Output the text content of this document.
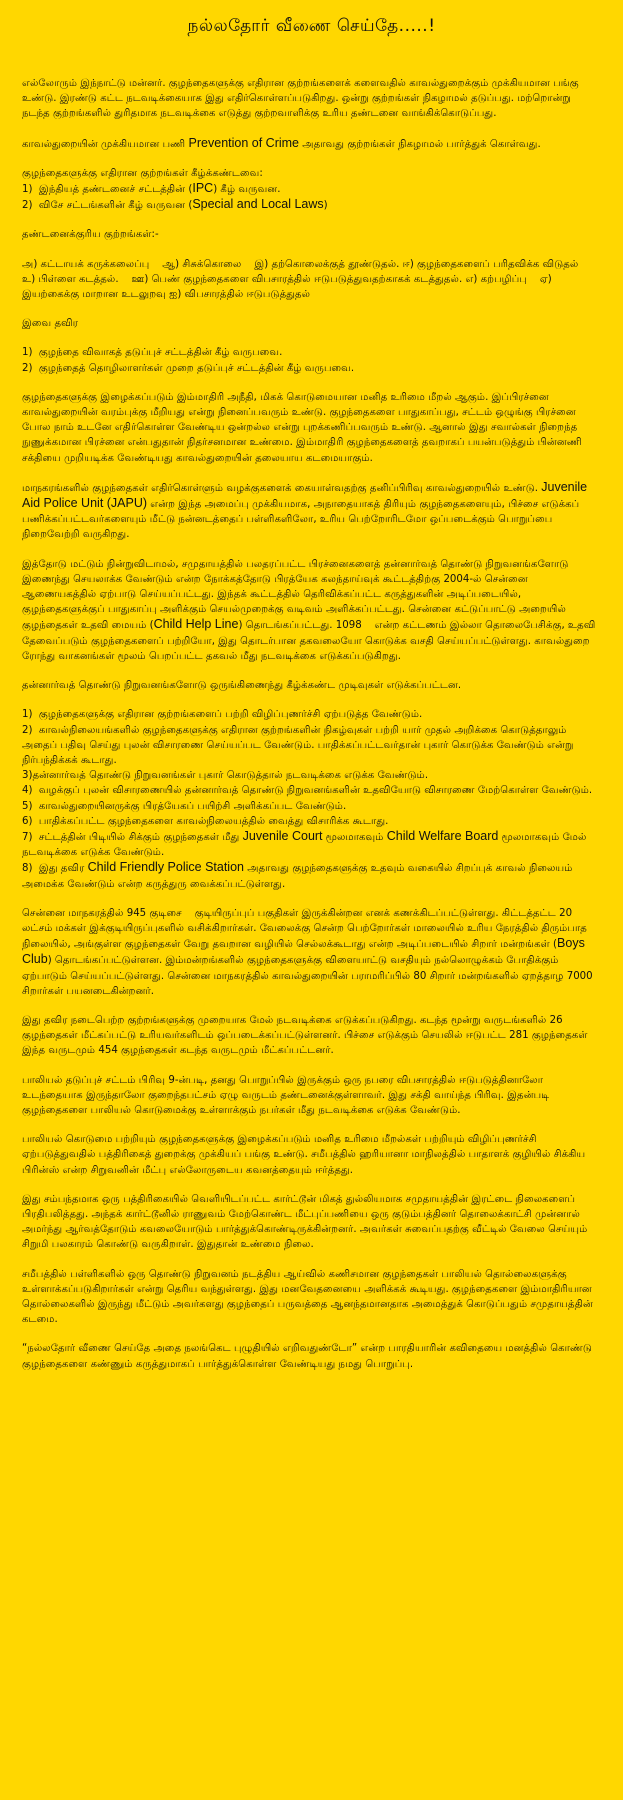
நல்லதோர் வீணை செய்தே.....!

எல்லோரும் இந்நாட்டு மன்னர். குழந்தைகளுக்கு எதிரான குற்றங்களைக் களைவதில் காவல்துறைக்கும் முக்கியமான பங்கு உண்டு. இரண்டு கட்ட நடவடிக்கையாக இது எதிர்கொள்ளப்படுகிறது. ஒன்று குற்றங்கள் நிகழாமல் தடுப்பது. மற்றொன்று நடந்த குற்றங்களில் துரிதமாக நடவடிக்கை எடுத்து குற்றவாளிக்கு உரிய தண்டனை வாங்கிக்கொடுப்பது.

காவல்துறையின் முக்கியமான பணி Prevention of Crime அதாவது குற்றங்கள் நிகழாமல் பார்த்துக் கொள்வது.

குழந்தைகளுக்கு எதிரான குற்றங்கள் கீழ்க்கண்டவை:
1)  இந்தியத் தண்டனைச் சட்டத்தின் (IPC) கீழ் வருவன.
2)  விசே சட்டங்களின் கீழ் வருவன (Special and Local Laws)

தண்டனைக்குரிய குற்றங்கள்:-

அ) கட்டாயக் கருக்கலைப்பு    ஆ) சிசுக்கொலை    இ) தற்கொலைக்குத் தூண்டுதல். ஈ) குழந்தைகளைப் பரிதவிக்க விடுதல்    உ) பிள்ளை கடத்தல்.    ஊ) பெண் குழந்தைகளை விபசாரத்தில் ஈடுபடுத்துவதற்காகக் கடத்துதல். எ) கற்பழிப்பு    ஏ) இயற்கைக்கு மாறான உடலுறவு ஐ) விபசாரத்தில் ஈடுபடுத்துதல்

இவை தவிர

1)  குழந்தை விவாகத் தடுப்புச் சட்டத்தின் கீழ் வருபவை.
2)  குழந்தைத் தொழிலாளர்கள் முறை தடுப்புச் சட்டத்தின் கீழ் வருபவை.

குழந்தைகளுக்கு இழைக்கப்படும் இம்மாதிரி அநீதி, மிகக் கொடுமையான மனித உரிமை மீறல் ஆகும். இப்பிரச்னை காவல்துறையின் வரம்புக்கு மீறியது என்று நினைப்பவரும் உண்டு. குழந்தைகளை பாதுகாப்பது, சட்டம் ஒழுங்கு பிரச்னை போல நாம் உடனே எதிர்கொள்ள வேண்டிய ஒன்றல்ல என்று புறக்கணிப்பவரும் உண்டு. ஆனால் இது சவால்கள் நிறைந்த நுணுக்கமான பிரச்னை என்பதுதான் நிதர்சனமான உண்மை. இம்மாதிரி குழந்தைகளைத் தவறாகப் பயன்படுத்தும் பின்னணி சக்தியை முறியடிக்க வேண்டியது காவல்துறையின் தலையாய கடமையாகும்.

மாநகரங்களில் குழந்தைகள் எதிர்கொள்ளும் வழக்குகளைக் கையாள்வதற்கு தனிப்பிரிவு காவல்துறையில் உண்டு. Juvenile Aid Police Unit (JAPU) என்ற இந்த அமைப்பு முக்கியமாக, அநாதையாகத் திரியும் குழந்தைகளையும், பிச்சை எடுக்கப் பணிக்கப்பட்டவர்களையும் மீட்டு நன்னடத்தைப் பள்ளிகளிலோ, உரிய பெற்றோரிடமோ ஒப்படைக்கும் பொறுப்பை நிறைவேற்றி வருகிறது.

இத்தோடு மட்டும் நின்றுவிடாமல், சமுதாயத்தில் பலதரப்பட்ட பிரச்னைகளைத் தன்னார்வத் தொண்டு நிறுவனங்களோடு இணைந்து செயலாக்க வேண்டும் என்ற நோக்கத்தோடு பிரத்யேக கலந்தாய்வுக் கூட்டத்திற்கு 2004-ல் சென்னை ஆணையகத்தில் ஏற்பாடு செய்யப்பட்டது. இந்தக் கூட்டத்தில் தெரிவிக்கப்பட்ட கருத்துகளின் அடிப்படையில், குழந்தைகளுக்குப் பாதுகாப்பு அளிக்கும் செயல்முறைக்கு வடிவம் அளிக்கப்பட்டது. சென்னை கட்டுப்பாட்டு அறையில் குழந்தைகள் உதவி மையம் (Child Help Line) தொடங்கப்பட்டது. 1098    என்ற கட்டணம் இல்லா தொலைபேசிக்கு, உதவி தேவைப்படும் குழந்தைகளைப் பற்றியோ, இது தொடர்பான தகவலையோ கொடுக்க வசதி செய்யப்பட்டுள்ளது. காவல்துறை ரோந்து வாகனங்கள் மூலம் பெறப்பட்ட தகவல் மீது நடவடிக்கை எடுக்கப்படுகிறது.

தன்னார்வத் தொண்டு நிறுவனங்களோடு ஒருங்கிணைந்து கீழ்க்கண்ட முடிவுகள் எடுக்கப்பட்டன.

1)  குழந்தைகளுக்கு எதிரான குற்றங்களைப் பற்றி விழிப்புணர்ச்சி ஏற்படுத்த வேண்டும்.
2)  காவல்நிலையங்களில் குழந்தைகளுக்கு எதிரான குற்றங்களின் நிகழ்வுகள் பற்றி யார் முதல் அறிக்கை கொடுத்தாலும் அதைப் பதிவு செய்து புலன் விசாரணை செய்யப்பட வேண்டும். பாதிக்கப்பட்டவர்தான் புகார் கொடுக்க வேண்டும் என்று நிர்பந்திக்கக் கூடாது.
3)தன்னார்வத் தொண்டு நிறுவனங்கள் புகார் கொடுத்தால் நடவடிக்கை எடுக்க வேண்டும்.
4)  வழக்குப் புலன் விசாரணையில் தன்னார்வத் தொண்டு நிறுவனங்களின் உதவியோடு விசாரணை மேற்கொள்ள வேண்டும்.
5)  காவல்துறையினருக்கு பிரத்யேகப் பயிற்சி அளிக்கப்பட வேண்டும்.
6)  பாதிக்கப்பட்ட குழந்தைகளை காவல்நிலையத்தில் வைத்து விசாரிக்க கூடாது.
7)  சட்டத்தின் பிடியில் சிக்கும் குழந்தைகள் மீது Juvenile Court மூலமாகவும் Child Welfare Board மூலமாகவும் மேல் நடவடிக்கை எடுக்க வேண்டும்.
8)  இது தவிர Child Friendly Police Station அதாவது குழந்தைகளுக்கு உதவும் வகையில் சிறப்புக் காவல் நிலையம் அமைக்க வேண்டும் என்ற கருத்துரு வைக்கப்பட்டுள்ளது.

சென்னை மாநகரத்தில் 945 குடிசை    குடியிருப்புப் பகுதிகள் இருக்கின்றன எனக் கணக்கிடப்பட்டுள்ளது. கிட்டத்தட்ட 20 லட்சம் மக்கள் இக்குடியிருப்புகளில் வசிக்கிறார்கள். வேலைக்கு சென்ற பெற்றோர்கள் மாலையில் உரிய நேரத்தில் திரும்பாத நிலையில், அங்குள்ள குழந்தைகள் வேறு தவறான வழியில் செல்லக்கூடாது என்ற அடிப்படையில் சிறார் மன்றங்கள் (Boys Club) தொடங்கப்பட்டுள்ளன. இம்மன்றங்களில் குழந்தைகளுக்கு விளையாட்டு வசதியும் நல்லொழுக்கம் போதிக்கும் ஏற்பாடும் செய்யப்பட்டுள்ளது. சென்னை மாநகரத்தில் காவல்துறையின் பராமரிப்பில் 80 சிறார் மன்றங்களில் ஏறத்தாழ 7000 சிறார்கள் பயனடைகின்றனர்.

இது தவிர நடைபெற்ற குற்றங்களுக்கு முறையாக மேல் நடவடிக்கை எடுக்கப்படுகிறது. கடந்த மூன்று வருடங்களில் 26 குழந்தைகள் மீட்கப்பட்டு உரியவர்களிடம் ஒப்படைக்கப்பட்டுள்ளனர். பிச்சை எடுக்கும் செயலில் ஈடுபட்ட 281 குழந்தைகள் இந்த வருடமும் 454 குழந்தைகள் கடந்த வருடமும் மீட்கப்பட்டனர்.

பாலியல் தடுப்புச் சட்டம் பிரிவு 9-ன்படி, தனது பொறுப்பில் இருக்கும் ஒரு நபரை விபசாரத்தில் ஈடுபடுத்தினாலோ உடந்தையாக இருந்தாலோ குறைந்தபட்சம் ஏழு வருடம் தண்டனைக்குள்ளாவர். இது சக்தி வாய்ந்த பிரிவு. இதன்படி குழந்தைகளை பாலியல் கொடுமைக்கு உள்ளாக்கும் நபர்கள் மீது நடவடிக்கை எடுக்க வேண்டும்.

பாலியல் கொடுமை பற்றியும் குழந்தைகளுக்கு இழைக்கப்படும் மனித உரிமை மீறல்கள் பற்றியும் விழிப்புணர்ச்சி ஏற்படுத்துவதில் பத்திரிகைத் துறைக்கு முக்கியப் பங்கு உண்டு. சமீபத்தில் ஹரியானா மாநிலத்தில் பாதாளக் குழியில் சிக்கிய பிரின்ஸ் என்ற சிறுவனின் மீட்பு எல்லோருடைய கவனத்தையும் ஈர்த்தது.

இது சம்பந்தமாக ஒரு பத்திரிகையில் வெளியிடப்பட்ட கார்ட்டூன் மிகத் துல்லியமாக சமுதாயத்தின் இரட்டை நிலைகளைப் பிரதிபலித்தது. அந்தக் கார்ட்டூனில் ராணுவம் மேற்கொண்ட மீட்புப்பணியை ஒரு குடும்பத்தினர் தொலைக்காட்சி முன்னால் அமர்ந்து ஆர்வத்தோடும் கவலையோடும் பார்த்துக்கொண்டிருக்கின்றனர். அவர்கள் சுவைப்பதற்கு வீட்டில் வேலை செய்யும் சிறுமி பலகாரம் கொண்டு வருகிறாள். இதுதான் உண்மை நிலை.

சமீபத்தில் பள்ளிகளில் ஒரு தொண்டு நிறுவனம் நடத்திய ஆய்வில் கணிசமான குழந்தைகள் பாலியல் தொல்லைகளுக்கு உள்ளாக்கப்படுகிறார்கள் என்று தெரிய வந்துள்ளது. இது மனவேதனையை அளிக்கக் கூடியது. குழந்தைகளை இம்மாதிரியான தொல்லைகளில் இருந்து மீட்டும் அவர்களது குழந்தைப் பருவத்தை ஆனந்தமானதாக அமைத்துக் கொடுப்பதும் சமுதாயத்தின் கடமை.

“நல்லதோர் வீணை செய்தே அதை நலங்கெட புழுதியில் எறிவதுண்டோ” என்ற பாரதியாரின் கவிதையை மனத்தில் கொண்டு குழந்தைகளை கண்ணும் கருத்துமாகப் பார்த்துக்கொள்ள வேண்டியது நமது பொறுப்பு.
